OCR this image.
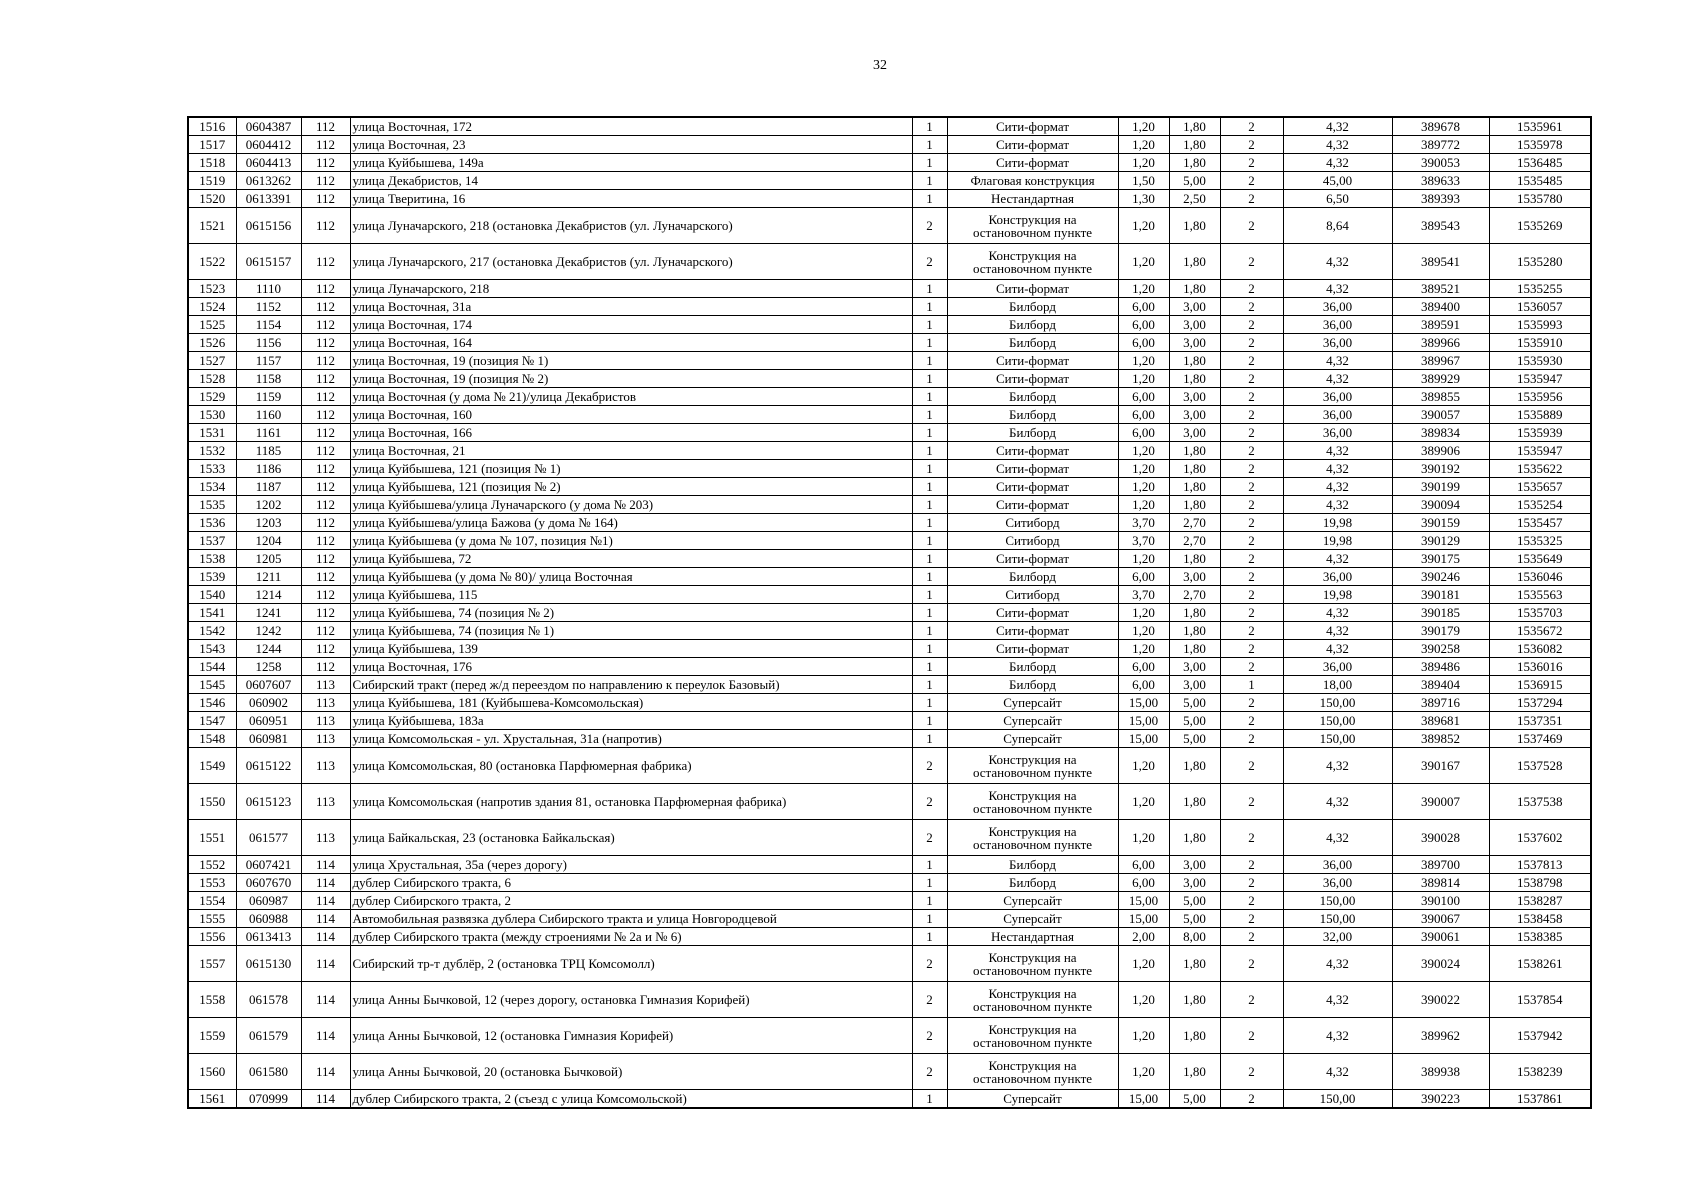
32
1516	0604387	112	улица Восточная, 172	1	Сити-формат	1,20	1,80	2	4,32	389678	1535961
1517	0604412	112	улица Восточная, 23	1	Сити-формат	1,20	1,80	2	4,32	389772	1535978
1518	0604413	112	улица Куйбышева, 149а	1	Сити-формат	1,20	1,80	2	4,32	390053	1536485
1519	0613262	112	улица Декабристов, 14	1	Флаговая конструкция	1,50	5,00	2	45,00	389633	1535485
1520	0613391	112	улица Тверитина, 16	1	Нестандартная	1,30	2,50	2	6,50	389393	1535780
1521	0615156	112	улица Луначарского, 218 (остановка Декабристов (ул. Луначарского)	2	Конструкция на остановочном пункте	1,20	1,80	2	8,64	389543	1535269
1522	0615157	112	улица Луначарского, 217 (остановка Декабристов (ул. Луначарского)	2	Конструкция на остановочном пункте	1,20	1,80	2	4,32	389541	1535280
1523	1110	112	улица Луначарского, 218	1	Сити-формат	1,20	1,80	2	4,32	389521	1535255
1524	1152	112	улица Восточная, 31а	1	Билборд	6,00	3,00	2	36,00	389400	1536057
1525	1154	112	улица Восточная, 174	1	Билборд	6,00	3,00	2	36,00	389591	1535993
1526	1156	112	улица Восточная, 164	1	Билборд	6,00	3,00	2	36,00	389966	1535910
1527	1157	112	улица Восточная, 19 (позиция № 1)	1	Сити-формат	1,20	1,80	2	4,32	389967	1535930
1528	1158	112	улица Восточная, 19 (позиция № 2)	1	Сити-формат	1,20	1,80	2	4,32	389929	1535947
1529	1159	112	улица Восточная (у дома № 21)/улица Декабристов	1	Билборд	6,00	3,00	2	36,00	389855	1535956
1530	1160	112	улица Восточная, 160	1	Билборд	6,00	3,00	2	36,00	390057	1535889
1531	1161	112	улица Восточная, 166	1	Билборд	6,00	3,00	2	36,00	389834	1535939
1532	1185	112	улица Восточная, 21	1	Сити-формат	1,20	1,80	2	4,32	389906	1535947
1533	1186	112	улица Куйбышева, 121 (позиция № 1)	1	Сити-формат	1,20	1,80	2	4,32	390192	1535622
1534	1187	112	улица Куйбышева, 121 (позиция № 2)	1	Сити-формат	1,20	1,80	2	4,32	390199	1535657
1535	1202	112	улица Куйбышева/улица Луначарского (у дома № 203)	1	Сити-формат	1,20	1,80	2	4,32	390094	1535254
1536	1203	112	улица Куйбышева/улица Бажова (у дома № 164)	1	Ситиборд	3,70	2,70	2	19,98	390159	1535457
1537	1204	112	улица Куйбышева (у дома № 107, позиция №1)	1	Ситиборд	3,70	2,70	2	19,98	390129	1535325
1538	1205	112	улица Куйбышева, 72	1	Сити-формат	1,20	1,80	2	4,32	390175	1535649
1539	1211	112	улица Куйбышева (у дома № 80)/ улица Восточная	1	Билборд	6,00	3,00	2	36,00	390246	1536046
1540	1214	112	улица Куйбышева, 115	1	Ситиборд	3,70	2,70	2	19,98	390181	1535563
1541	1241	112	улица Куйбышева, 74 (позиция № 2)	1	Сити-формат	1,20	1,80	2	4,32	390185	1535703
1542	1242	112	улица Куйбышева, 74 (позиция № 1)	1	Сити-формат	1,20	1,80	2	4,32	390179	1535672
1543	1244	112	улица Куйбышева, 139	1	Сити-формат	1,20	1,80	2	4,32	390258	1536082
1544	1258	112	улица Восточная, 176	1	Билборд	6,00	3,00	2	36,00	389486	1536016
1545	0607607	113	Сибирский тракт (перед ж/д переездом по направлению к переулок Базовый)	1	Билборд	6,00	3,00	1	18,00	389404	1536915
1546	060902	113	улица Куйбышева, 181 (Куйбышева-Комсомольская)	1	Суперсайт	15,00	5,00	2	150,00	389716	1537294
1547	060951	113	улица Куйбышева, 183а	1	Суперсайт	15,00	5,00	2	150,00	389681	1537351
1548	060981	113	улица Комсомольская - ул. Хрустальная, 31а (напротив)	1	Суперсайт	15,00	5,00	2	150,00	389852	1537469
1549	0615122	113	улица Комсомольская, 80 (остановка Парфюмерная фабрика)	2	Конструкция на остановочном пункте	1,20	1,80	2	4,32	390167	1537528
1550	0615123	113	улица Комсомольская (напротив здания 81, остановка Парфюмерная фабрика)	2	Конструкция на остановочном пункте	1,20	1,80	2	4,32	390007	1537538
1551	061577	113	улица Байкальская, 23 (остановка Байкальская)	2	Конструкция на остановочном пункте	1,20	1,80	2	4,32	390028	1537602
1552	0607421	114	улица Хрустальная, 35а (через дорогу)	1	Билборд	6,00	3,00	2	36,00	389700	1537813
1553	0607670	114	дублер Сибирского тракта, 6	1	Билборд	6,00	3,00	2	36,00	389814	1538798
1554	060987	114	дублер Сибирского тракта, 2	1	Суперсайт	15,00	5,00	2	150,00	390100	1538287
1555	060988	114	Автомобильная развязка дублера Сибирского тракта и улица Новгородцевой	1	Суперсайт	15,00	5,00	2	150,00	390067	1538458
1556	0613413	114	дублер Сибирского тракта (между строениями № 2а и № 6)	1	Нестандартная	2,00	8,00	2	32,00	390061	1538385
1557	0615130	114	Сибирский тр-т дублёр, 2 (остановка ТРЦ Комсомолл)	2	Конструкция на остановочном пункте	1,20	1,80	2	4,32	390024	1538261
1558	061578	114	улица Анны Бычковой, 12 (через дорогу, остановка Гимназия Корифей)	2	Конструкция на остановочном пункте	1,20	1,80	2	4,32	390022	1537854
1559	061579	114	улица Анны Бычковой, 12 (остановка Гимназия Корифей)	2	Конструкция на остановочном пункте	1,20	1,80	2	4,32	389962	1537942
1560	061580	114	улица Анны Бычковой, 20 (остановка Бычковой)	2	Конструкция на остановочном пункте	1,20	1,80	2	4,32	389938	1538239
1561	070999	114	дублер Сибирского тракта, 2 (съезд с улица Комсомольской)	1	Суперсайт	15,00	5,00	2	150,00	390223	1537861
